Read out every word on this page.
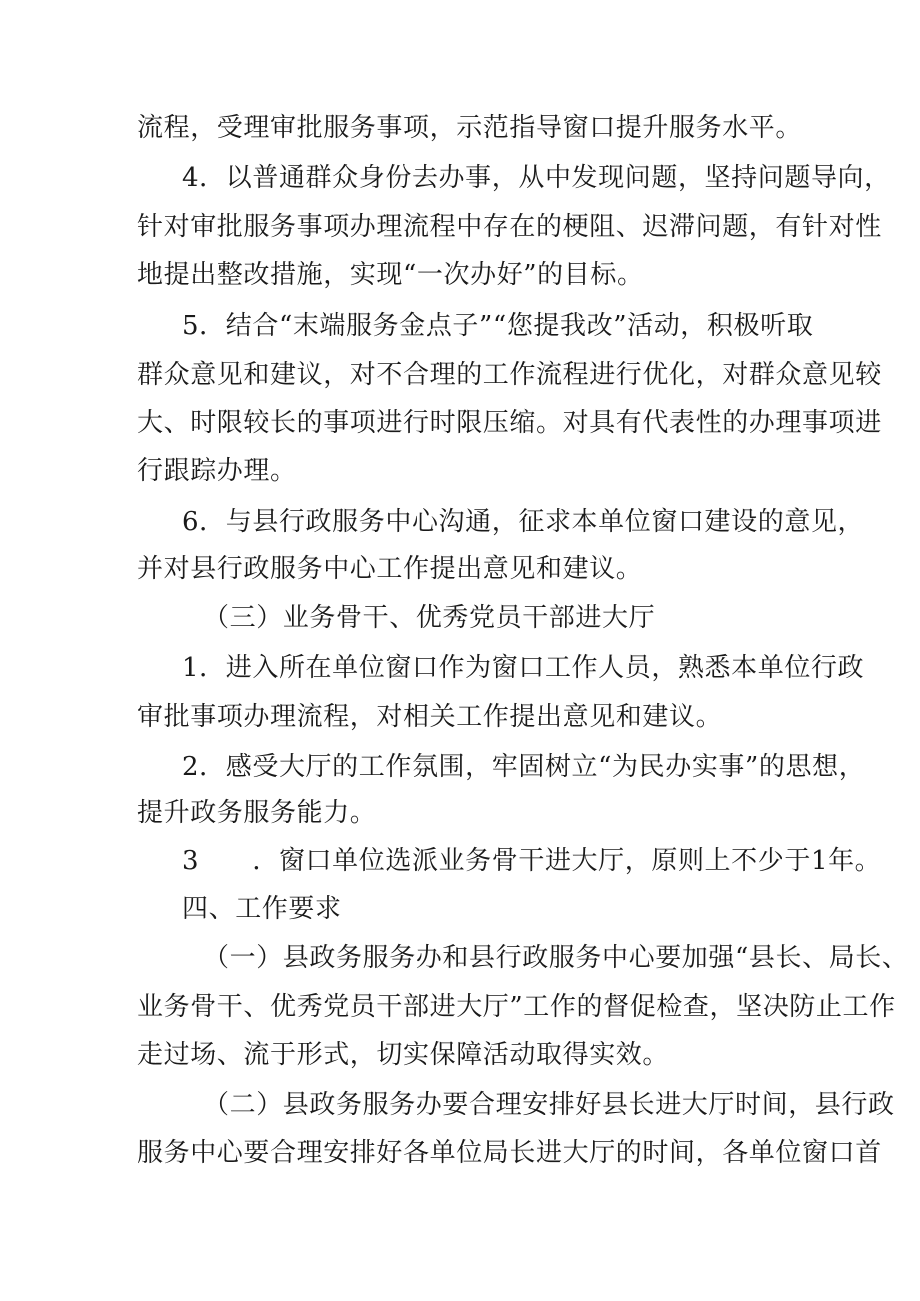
流程，受理审批服务事项，示范指导窗口提升服务水平。
4．以普通群众身份去办事，从中发现问题，坚持问题导向，
针对审批服务事项办理流程中存在的梗阻、迟滞问题，有针对性
地提出整改措施，实现“一次办好”的目标。
5．结合“末端服务金点子”“您提我改”活动，积极听取
群众意见和建议，对不合理的工作流程进行优化，对群众意见较
大、时限较长的事项进行时限压缩。对具有代表性的办理事项进
行跟踪办理。
6．与县行政服务中心沟通，征求本单位窗口建设的意见，
并对县行政服务中心工作提出意见和建议。
（三）业务骨干、优秀党员干部进大厅
1．进入所在单位窗口作为窗口工作人员，熟悉本单位行政
审批事项办理流程，对相关工作提出意见和建议。
2．感受大厅的工作氛围，牢固树立“为民办实事”的思想，
提升政务服务能力。
3　　．窗口单位选派业务骨干进大厅，原则上不少于1年。
四、工作要求
（一）县政务服务办和县行政服务中心要加强“县长、局长、
业务骨干、优秀党员干部进大厅”工作的督促检查，坚决防止工作
走过场、流于形式，切实保障活动取得实效。
（二）县政务服务办要合理安排好县长进大厅时间，县行政
服务中心要合理安排好各单位局长进大厅的时间，各单位窗口首
